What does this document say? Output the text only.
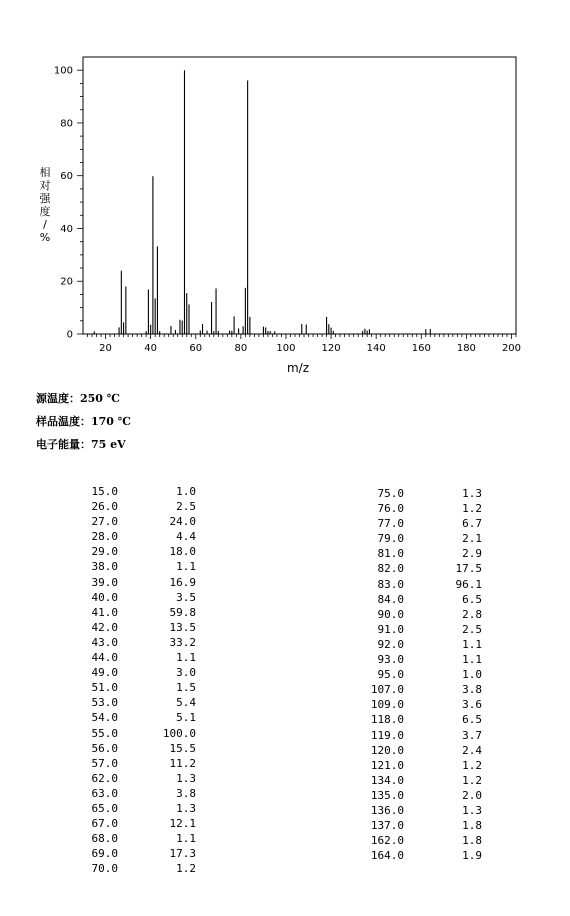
20	40	60	80	100	120	140	160	180	200
0
20
40
60
80
100
相对强度/ %
m/z
源温度：250 ℃
样品温度：170 ℃
电子能量：75 eV
15.0	1.0
26.0	2.5
27.0	24.0
28.0	4.4
29.0	18.0
38.0	1.1
39.0	16.9
40.0	3.5
41.0	59.8
42.0	13.5
43.0	33.2
44.0	1.1
49.0	3.0
51.0	1.5
53.0	5.4
54.0	5.1
55.0	100.0
56.0	15.5
57.0	11.2
62.0	1.3
63.0	3.8
65.0	1.3
67.0	12.1
68.0	1.1
69.0	17.3
70.0	1.2
75.0	1.3
76.0	1.2
77.0	6.7
79.0	2.1
81.0	2.9
82.0	17.5
83.0	96.1
84.0	6.5
90.0	2.8
91.0	2.5
92.0	1.1
93.0	1.1
95.0	1.0
107.0	3.8
109.0	3.6
118.0	6.5
119.0	3.7
120.0	2.4
121.0	1.2
134.0	1.2
135.0	2.0
136.0	1.3
137.0	1.8
162.0	1.8
164.0	1.9
